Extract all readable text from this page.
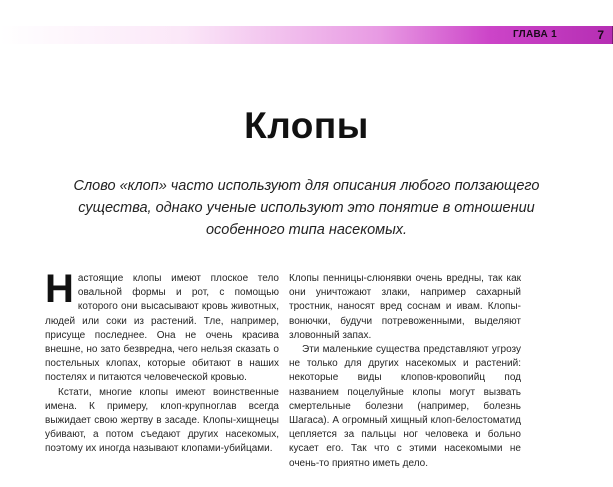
ГЛАВА 1	7
Клопы
Слово «клоп» часто используют для описания любого ползающего существа, однако ученые используют это понятие в отношении особенного типа насекомых.
Н астоящие клопы имеют плоское тело овальной формы и рот, с помощью которого они высасывают кровь животных, людей или соки из растений. Тле, например, присуще последнее. Она не очень красива внешне, но зато безвредна, чего нельзя сказать о постельных клопах, которые обитают в наших постелях и питаются человеческой кровью.

Кстати, многие клопы имеют воинственные имена. К примеру, клоп-крупноглав всегда выжидает свою жертву в засаде. Клопы-хищнецы убивают, а потом съедают других насекомых, поэтому их иногда называют клопами-убийцами.

Клопы пенницы-слюнявки очень вредны, так как они уничтожают злаки, например сахарный тростник, наносят вред соснам и ивам. Клопы-вонючки, будучи потревоженными, выделяют зловонный запах.

Эти маленькие существа представляют угрозу не только для других насекомых и растений: некоторые виды клопов-кровопийц под названием поцелуйные клопы могут вызвать смертельные болезни (например, болезнь Шагаса). А огромный хищный клоп-белостоматид цепляется за пальцы ног человека и больно кусает его. Так что с этими насекомыми не очень-то приятно иметь дело.
